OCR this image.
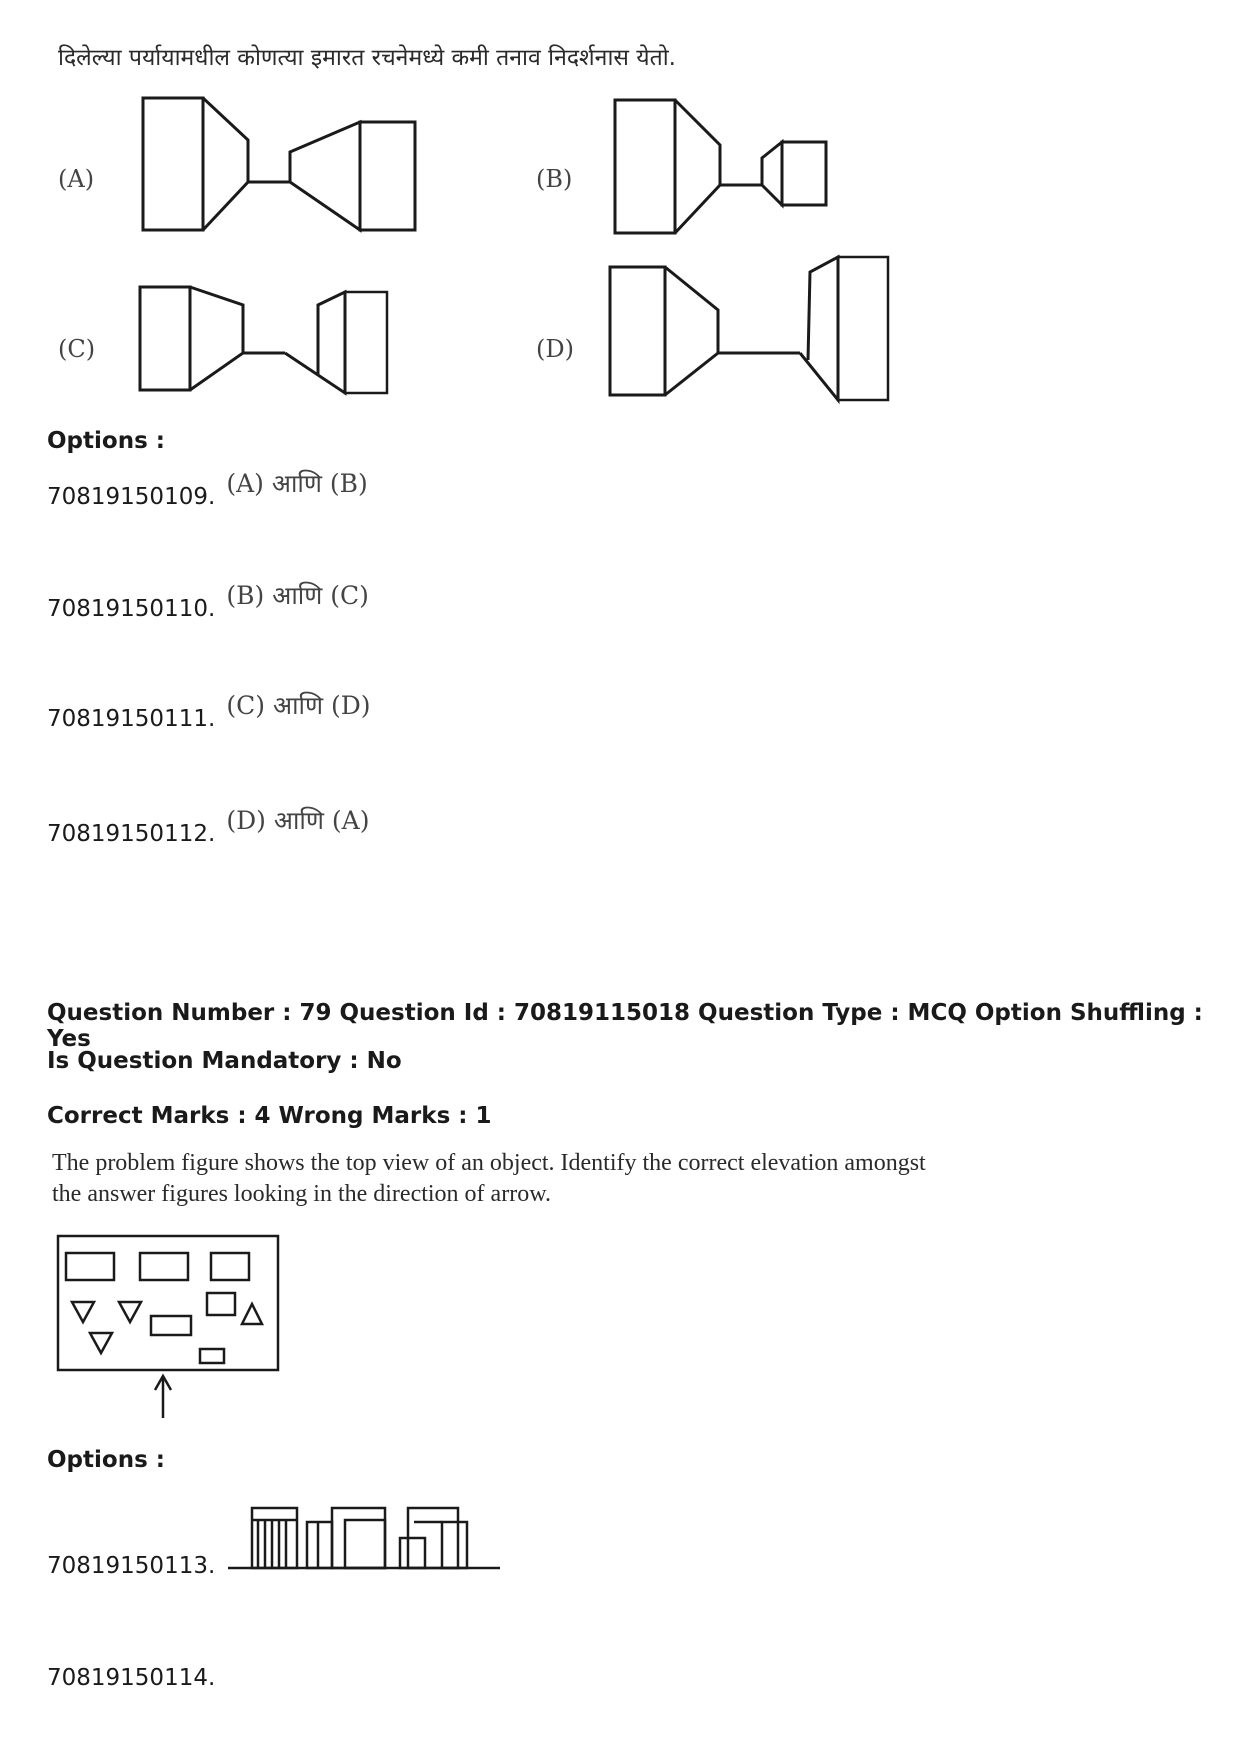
दिलेल्या पर्यायामधील कोणत्या इमारत रचनेमध्ये कमी तनाव निदर्शनास येतो.
(A)	(B)
(C)	(D)
Options :
70819150109. (A) आणि (B)
70819150110. (B) आणि (C)
70819150111. (C) आणि (D)
70819150112. (D) आणि (A)
Question Number : 79 Question Id : 70819115018 Question Type : MCQ Option Shuffling : Yes
Is Question Mandatory : No
Correct Marks : 4 Wrong Marks : 1
The problem figure shows the top view of an object. Identify the correct elevation amongst
the answer figures looking in the direction of arrow.
Options :
70819150113.
70819150114.
